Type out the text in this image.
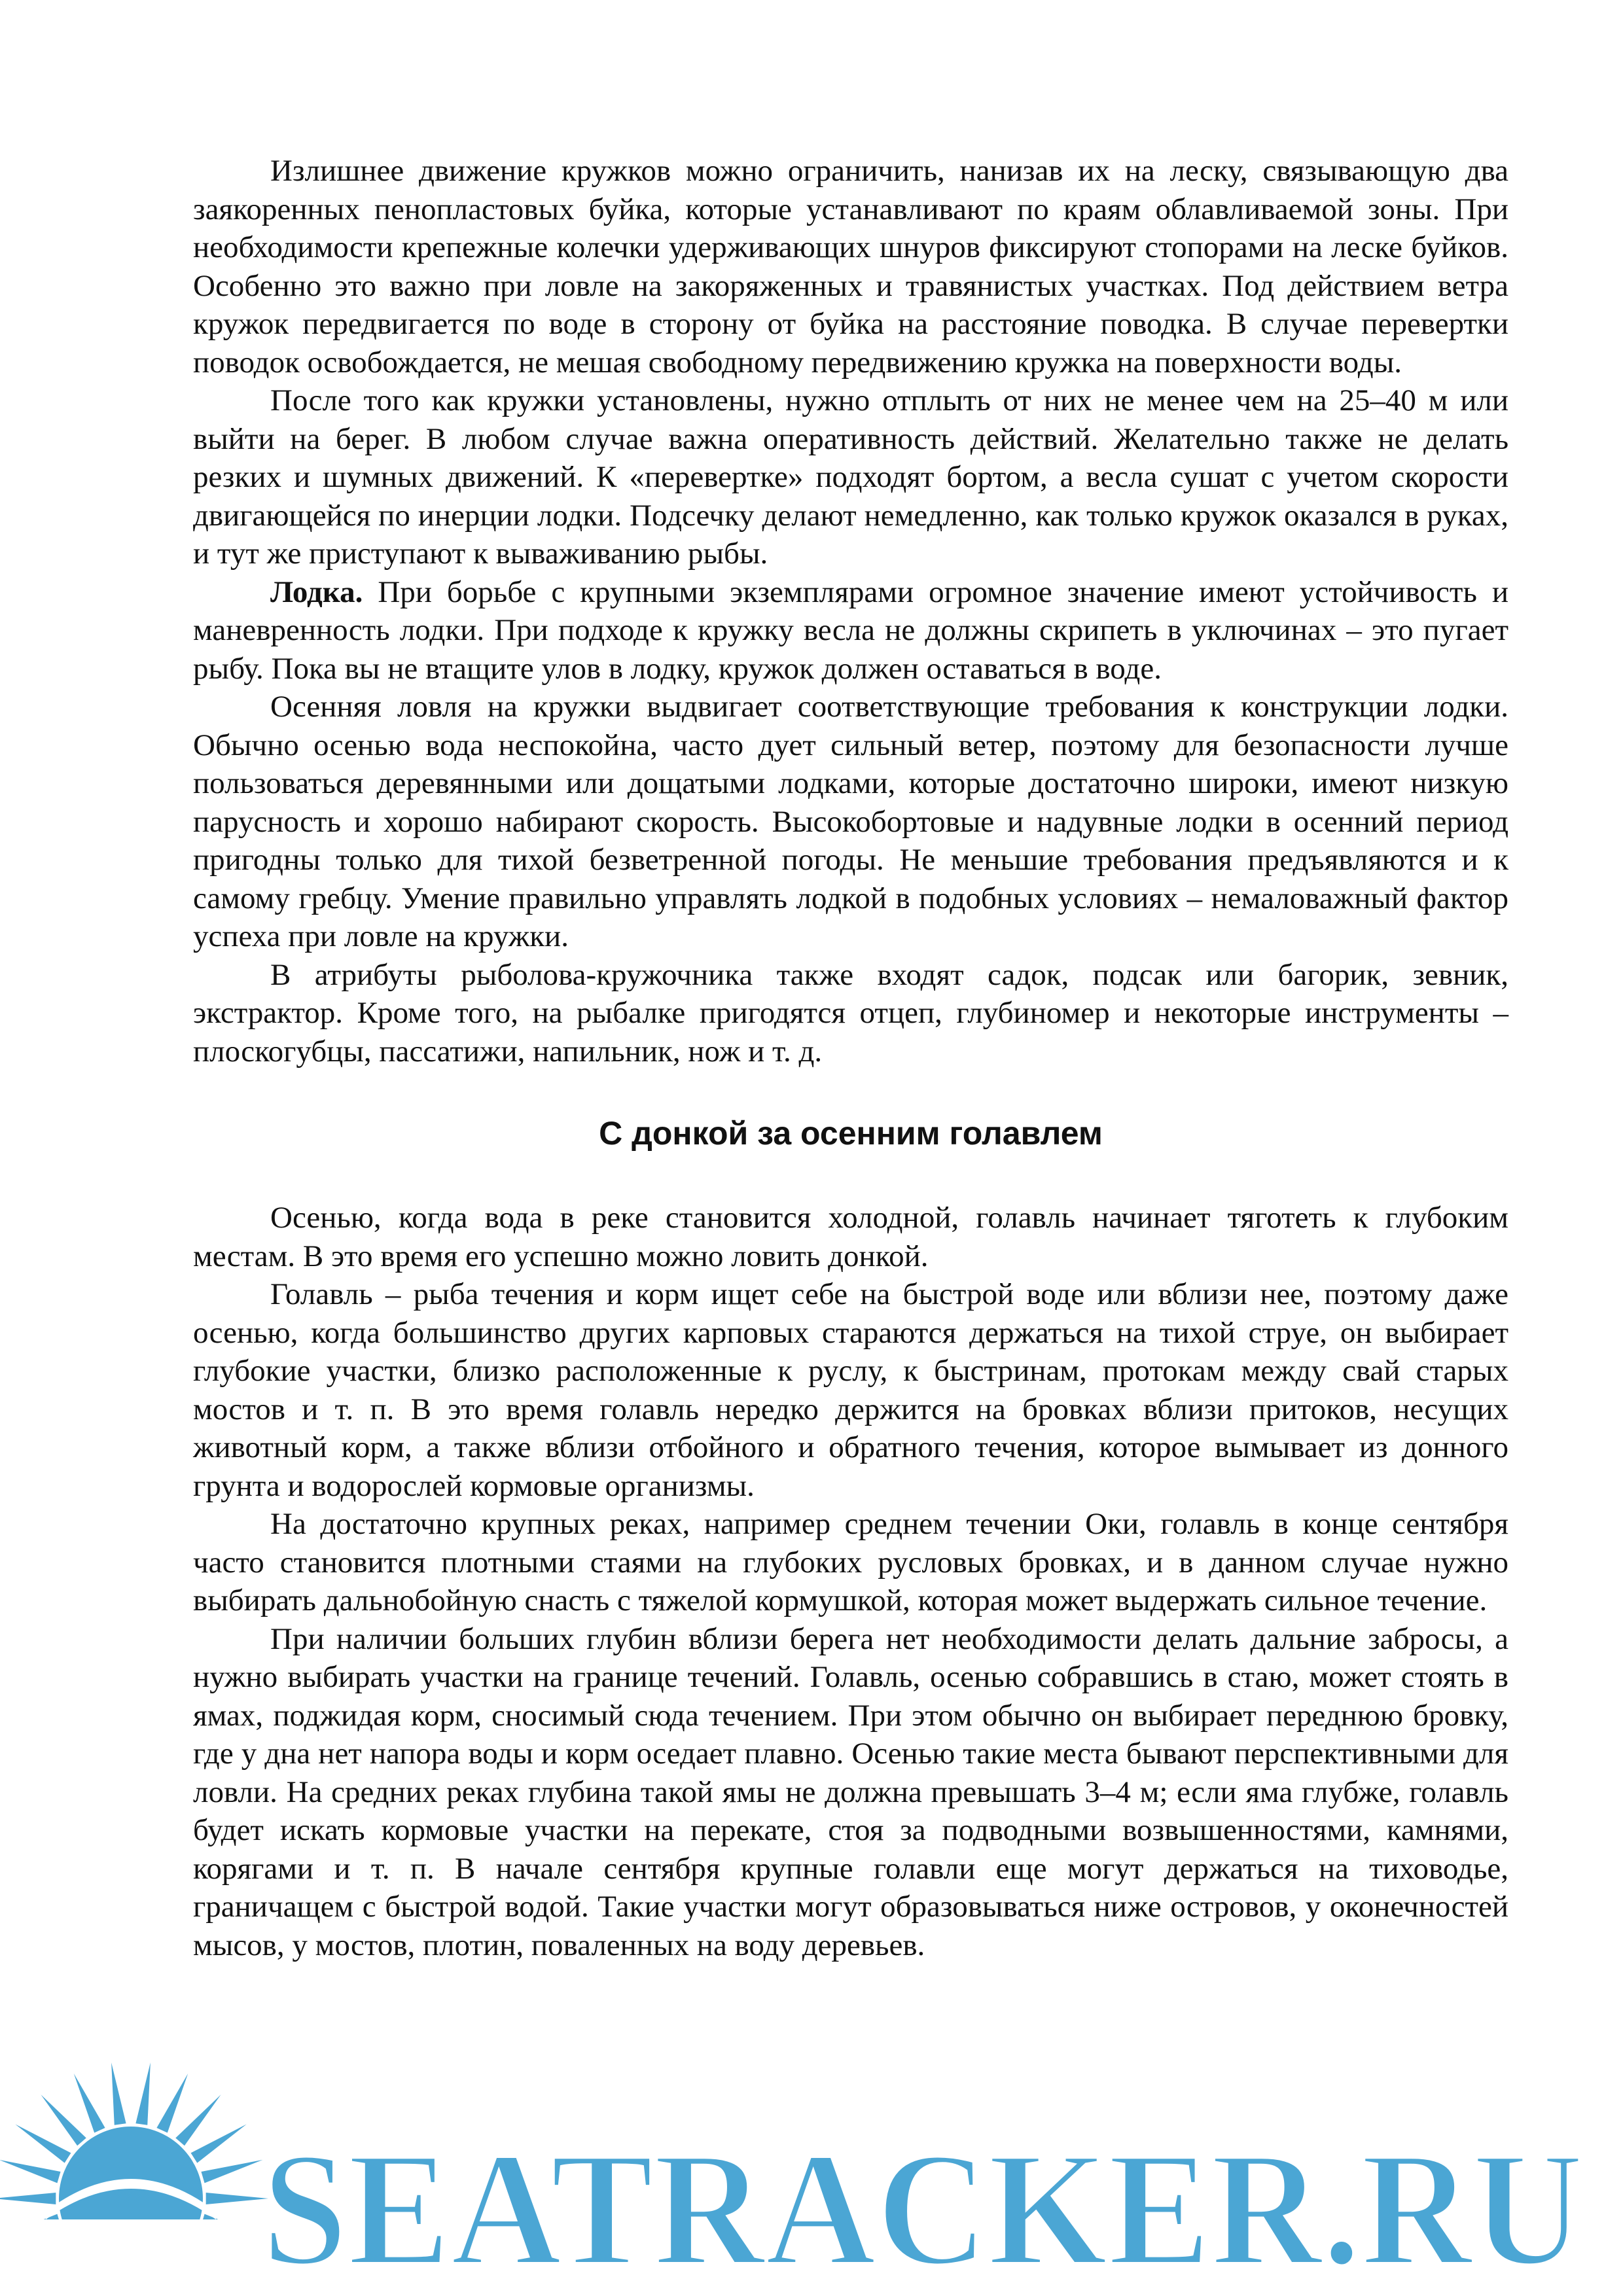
Излишнее движение кружков можно ограничить, нанизав их на леску, связывающую два заякоренных пенопластовых буйка, которые устанавливают по краям облавливаемой зоны. При необходимости крепежные колечки удерживающих шнуров фиксируют стопорами на леске буйков. Особенно это важно при ловле на закоряженных и травянистых участках. Под действием ветра кружок передвигается по воде в сторону от буйка на расстояние поводка. В случае перевертки поводок освобождается, не мешая свободному передвижению кружка на поверхности воды.

После того как кружки установлены, нужно отплыть от них не менее чем на 25–40 м или выйти на берег. В любом случае важна оперативность действий. Желательно также не делать резких и шумных движений. К «перевертке» подходят бортом, а весла сушат с учетом скорости двигающейся по инерции лодки. Подсечку делают немедленно, как только кружок оказался в руках, и тут же приступают к вываживанию рыбы.

Лодка. При борьбе с крупными экземплярами огромное значение имеют устойчивость и маневренность лодки. При подходе к кружку весла не должны скрипеть в уключинах – это пугает рыбу. Пока вы не втащите улов в лодку, кружок должен оставаться в воде.

Осенняя ловля на кружки выдвигает соответствующие требования к конструкции лодки. Обычно осенью вода неспокойна, часто дует сильный ветер, поэтому для безопасности лучше пользоваться деревянными или дощатыми лодками, которые достаточно широки, имеют низкую парусность и хорошо набирают скорость. Высокобортовые и надувные лодки в осенний период пригодны только для тихой безветренной погоды. Не меньшие требования предъявляются и к самому гребцу. Умение правильно управлять лодкой в подобных условиях – немаловажный фактор успеха при ловле на кружки.

В атрибуты рыболова-кружочника также входят садок, подсак или багорик, зевник, экстрактор. Кроме того, на рыбалке пригодятся отцеп, глубиномер и некоторые инструменты – плоскогубцы, пассатижи, напильник, нож и т. д.

С донкой за осенним голавлем

Осенью, когда вода в реке становится холодной, голавль начинает тяготеть к глубоким местам. В это время его успешно можно ловить донкой.

Голавль – рыба течения и корм ищет себе на быстрой воде или вблизи нее, поэтому даже осенью, когда большинство других карповых стараются держаться на тихой струе, он выбирает глубокие участки, близко расположенные к руслу, к быстринам, протокам между свай старых мостов и т. п. В это время голавль нередко держится на бровках вблизи притоков, несущих животный корм, а также вблизи отбойного и обратного течения, которое вымывает из донного грунта и водорослей кормовые организмы.

На достаточно крупных реках, например среднем течении Оки, голавль в конце сентября часто становится плотными стаями на глубоких русловых бровках, и в данном случае нужно выбирать дальнобойную снасть с тяжелой кормушкой, которая может выдержать сильное течение.

При наличии больших глубин вблизи берега нет необходимости делать дальние забросы, а нужно выбирать участки на границе течений. Голавль, осенью собравшись в стаю, может стоять в ямах, поджидая корм, сносимый сюда течением. При этом обычно он выбирает переднюю бровку, где у дна нет напора воды и корм оседает плавно. Осенью такие места бывают перспективными для ловли. На средних реках глубина такой ямы не должна превышать 3–4 м; если яма глубже, голавль будет искать кормовые участки на перекате, стоя за подводными возвышенностями, камнями, корягами и т. п. В начале сентября крупные голавли еще могут держаться на тиховодье, граничащем с быстрой водой. Такие участки могут образовываться ниже островов, у оконечностей мысов, у мостов, плотин, поваленных на воду деревьев.

SEATRACKER.RU
